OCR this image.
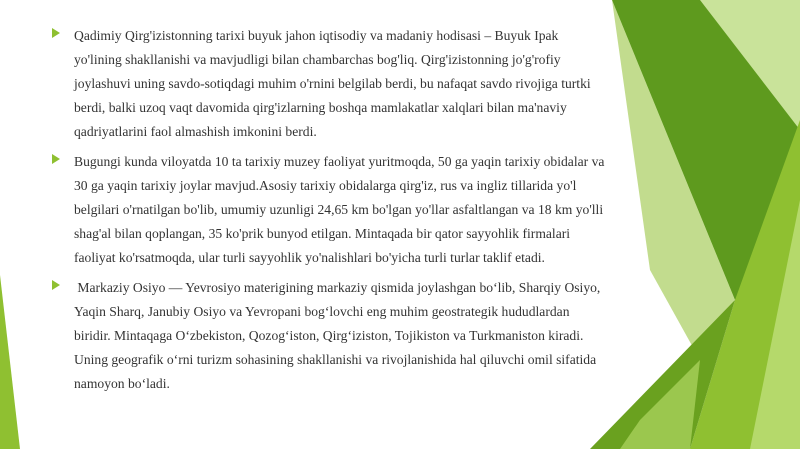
Qadimiy Qirg'izistonning tarixi buyuk jahon iqtisodiy va madaniy hodisasi – Buyuk Ipak yo'lining shakllanishi va mavjudligi bilan chambarchas bog'liq. Qirg'izistonning jo'g'rofiy joylashuvi uning savdo-sotiqdagi muhim o'rnini belgilab berdi, bu nafaqat savdo rivojiga turtki berdi, balki uzoq vaqt davomida qirg'izlarning boshqa mamlakatlar xalqlari bilan ma'naviy qadriyatlarini faol almashish imkonini berdi.
Bugungi kunda viloyatda 10 ta tarixiy muzey faoliyat yuritmoqda, 50 ga yaqin tarixiy obidalar va 30 ga yaqin tarixiy joylar mavjud.Asosiy tarixiy obidalarga qirg'iz, rus va ingliz tillarida yo'l belgilari o'rnatilgan bo'lib, umumiy uzunligi 24,65 km bo'lgan yo'llar asfaltlangan va 18 km yo'lli shag'al bilan qoplangan, 35 ko'prik bunyod etilgan. Mintaqada bir qator sayyohlik firmalari faoliyat ko'rsatmoqda, ular turli sayyohlik yo'nalishlari bo'yicha turli turlar taklif etadi.
Markaziy Osiyo — Yevrosiyo materigining markaziy qismida joylashgan bo‘lib, Sharqiy Osiyo, Yaqin Sharq, Janubiy Osiyo va Yevropani bog‘lovchi eng muhim geostrategik hududlardan biridir. Mintaqaga O‘zbekiston, Qozog‘iston, Qirg‘iziston, Tojikiston va Turkmaniston kiradi. Uning geografik o‘rni turizm sohasining shakllanishi va rivojlanishida hal qiluvchi omil sifatida namoyon bo‘ladi.
